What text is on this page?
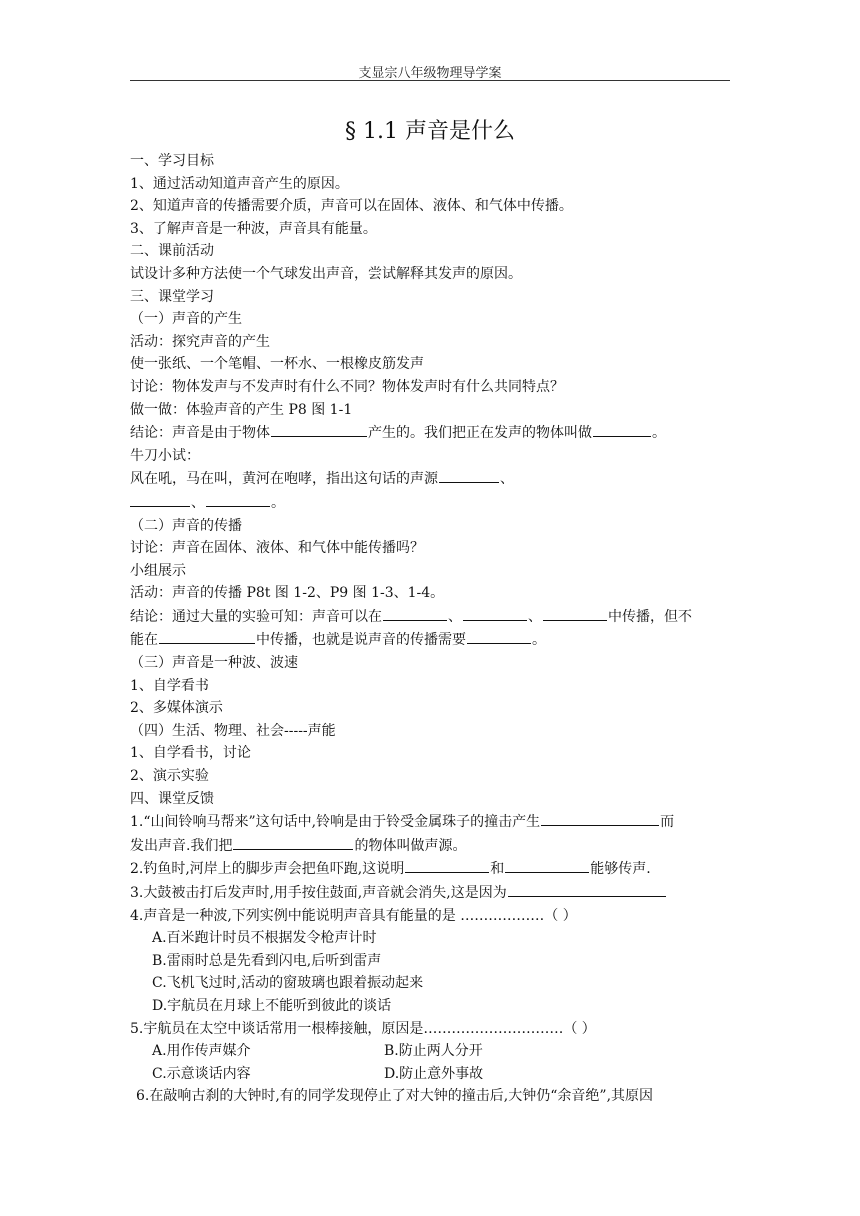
支显宗八年级物理导学案
§ 1.1 声音是什么
一、学习目标
1、通过活动知道声音产生的原因。
2、知道声音的传播需要介质，声音可以在固体、液体、和气体中传播。
3、了解声音是一种波，声音具有能量。
二、课前活动
试设计多种方法使一个气球发出声音，尝试解释其发声的原因。
三、课堂学习
（一）声音的产生
活动：探究声音的产生
使一张纸、一个笔帽、一杯水、一根橡皮筋发声
讨论：物体发声与不发声时有什么不同？物体发声时有什么共同特点？
做一做：体验声音的产生 P8 图 1-1
结论：声音是由于物体	产生的。我们把正在发声的物体叫做	。
牛刀小试：
风在吼，马在叫，黄河在咆哮，指出这句话的声源	、
、	。
（二）声音的传播
讨论：声音在固体、液体、和气体中能传播吗？
小组展示
活动：声音的传播 P8t 图 1-2、P9 图 1-3、1-4。
结论：通过大量的实验可知：声音可以在	、	、	中传播，但不
能在	中传播，也就是说声音的传播需要	。
（三）声音是一种波、波速
1、自学看书
2、多媒体演示
（四）生活、物理、社会-----声能
1、自学看书，讨论
2、演示实验
四、课堂反馈
1.“山间铃响马帮来”这句话中,铃响是由于铃受金属珠子的撞击产生	而
发出声音.我们把	的物体叫做声源。
2.钓鱼时,河岸上的脚步声会把鱼吓跑,这说明	和	能够传声.
3.大鼓被击打后发声时,用手按住鼓面,声音就会消失,这是因为
4.声音是一种波,下列实例中能说明声音具有能量的是 ………………（ ）
A.百米跑计时员不根据发令枪声计时
B.雷雨时总是先看到闪电,后听到雷声
C.飞机飞过时,活动的窗玻璃也跟着振动起来
D.宇航员在月球上不能听到彼此的谈话
5.宇航员在太空中谈话常用一根棒接触，原因是…………………………（ ）
A.用作传声媒介	B.防止两人分开
C.示意谈话内容	D.防止意外事故
6.在敲响古刹的大钟时,有的同学发现停止了对大钟的撞击后,大钟仍“余音绝”,其原因
